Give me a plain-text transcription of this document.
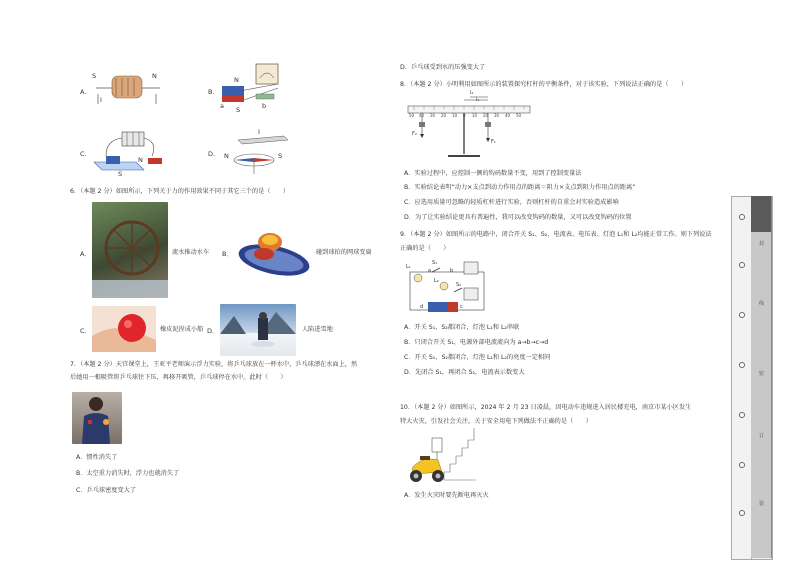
A.
S	N
I
B.
N
S
a	b
C.
S
N
D.
I
N	S
6．（本题 2 分）如图所示，下列关于力的作用效果不同于其它三个的是（　　）
A．	流水推动水车 B．	碰到球拍的网球变扁
C．	橡皮泥捏成小船 D．	人陷进雪地
7．（本题 2 分）天宫课堂上，王亚平老师演示浮力实验，将乒乓球放在一杯水中，乒乓球漂在水面上，然
后她用一根吸管将乒乓球往下压，再移开吸管，乒乓球停在水中。此时（　　）
A．惯性消失了
B．太空重力消失时，浮力也就消失了
C．乒乓球密度变大了
D．乒乓球受到水的压强变大了
8．（本题 2 分）小明利用如图所示的装置探究杠杆的平衡条件，对于该实验，下列说法正确的是（　　）
50 40 30 20 10 0 10 20 30 40 50
l₂
l₁
F₂
F₁
A．实验过程中，应控制一侧的钩码数量不变，用到了控制变量法
B．实验结论表明“动力×支点到动力作用点的距离＝阻力×支点到阻力作用点的距离”
C．应选用质量可忽略的轻质杠杆进行实验，否则杠杆的自重会对实验造成影响
D．为了让实验结论更具有普遍性，我可以改变钩码的数量，又可以改变钩码的位置
9．（本题 2 分）如图所示的电路中，闭合开关 S₁、S₂，电流表、电压表、灯泡 L₁和 L₂均能正常工作。则下列说法
正确的是（　　）
L₁
S₁
L₂
S₂
a	b
c
d
A．开关 S₁、S₂都闭合，灯泡 L₁和 L₂串联
B．只闭合开关 S₁，电源外部电流流向为 a→b→c→d
C．开关 S₁、S₂都闭合，灯泡 L₁和 L₂的亮度一定相同
D．先闭合 S₁，再闭合 S₂，电流表示数变大
10．（本题 2 分）如图所示，2024 年 2 月 23 日凌晨，因电动车违规进入居民楼充电，南京市某小区发生
特大火灾，引发社会关注。关于安全用电下列做法不正确的是（　　）
A．发生火灾时要先断电再灭火
封
线
密
订
装
